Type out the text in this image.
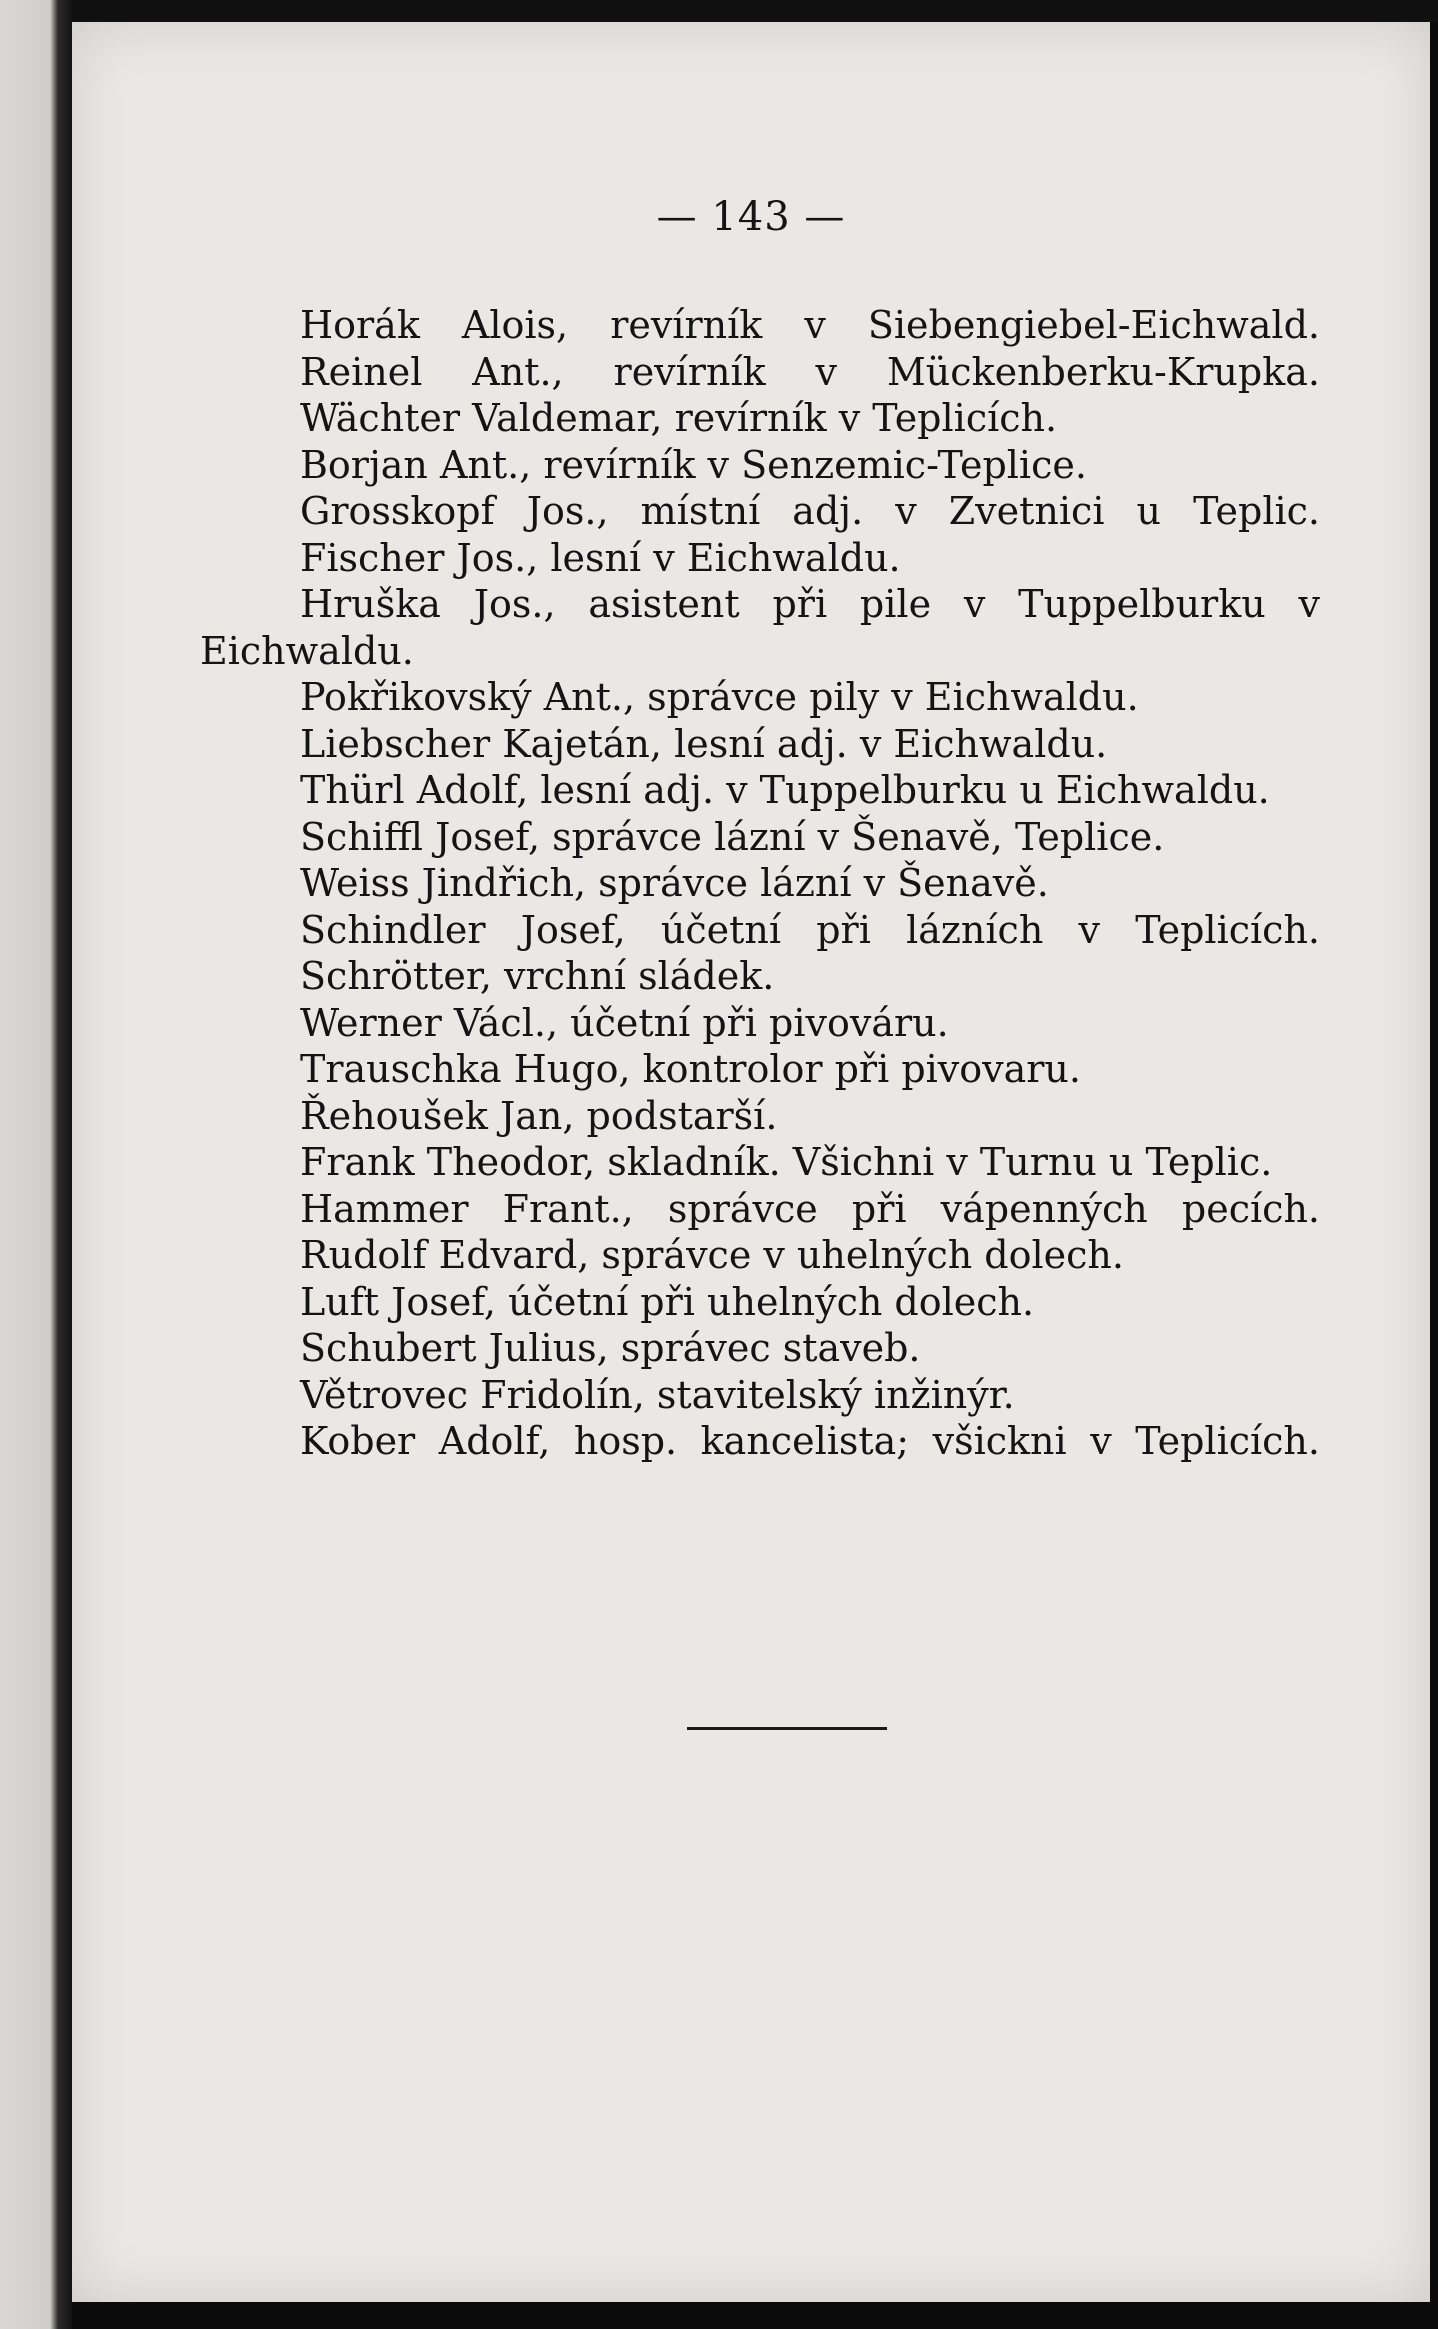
— 143 —

Horák Alois, revírník v Siebengiebel-Eichwald.

Reinel Ant., revírník v Mückenberku-Krupka.

Wächter Valdemar, revírník v Teplicích.

Borjan Ant., revírník v Senzemic-Teplice.

Grosskopf Jos., místní adj. v Zvetnici u Teplic.

Fischer Jos., lesní v Eichwaldu.

Hruška Jos., asistent při pile v Tuppelburku v Eichwaldu.

Pokřikovský Ant., správce pily v Eichwaldu.

Liebscher Kajetán, lesní adj. v Eichwaldu.

Thürl Adolf, lesní adj. v Tuppelburku u Eichwaldu.

Schiffl Josef, správce lázní v Šenavě, Teplice.

Weiss Jindřich, správce lázní v Šenavě.

Schindler Josef, účetní při lázních v Teplicích.

Schrötter, vrchní sládek.

Werner Václ., účetní při pivováru.

Trauschka Hugo, kontrolor při pivovaru.

Řehoušek Jan, podstarší.

Frank Theodor, skladník. Všichni v Turnu u Teplic.

Hammer Frant., správce při vápenných pecích.

Rudolf Edvard, správce v uhelných dolech.

Luft Josef, účetní při uhelných dolech.

Schubert Julius, správec staveb.

Větrovec Fridolín, stavitelský inžinýr.

Kober Adolf, hosp. kancelista; všickni v Teplicích.
